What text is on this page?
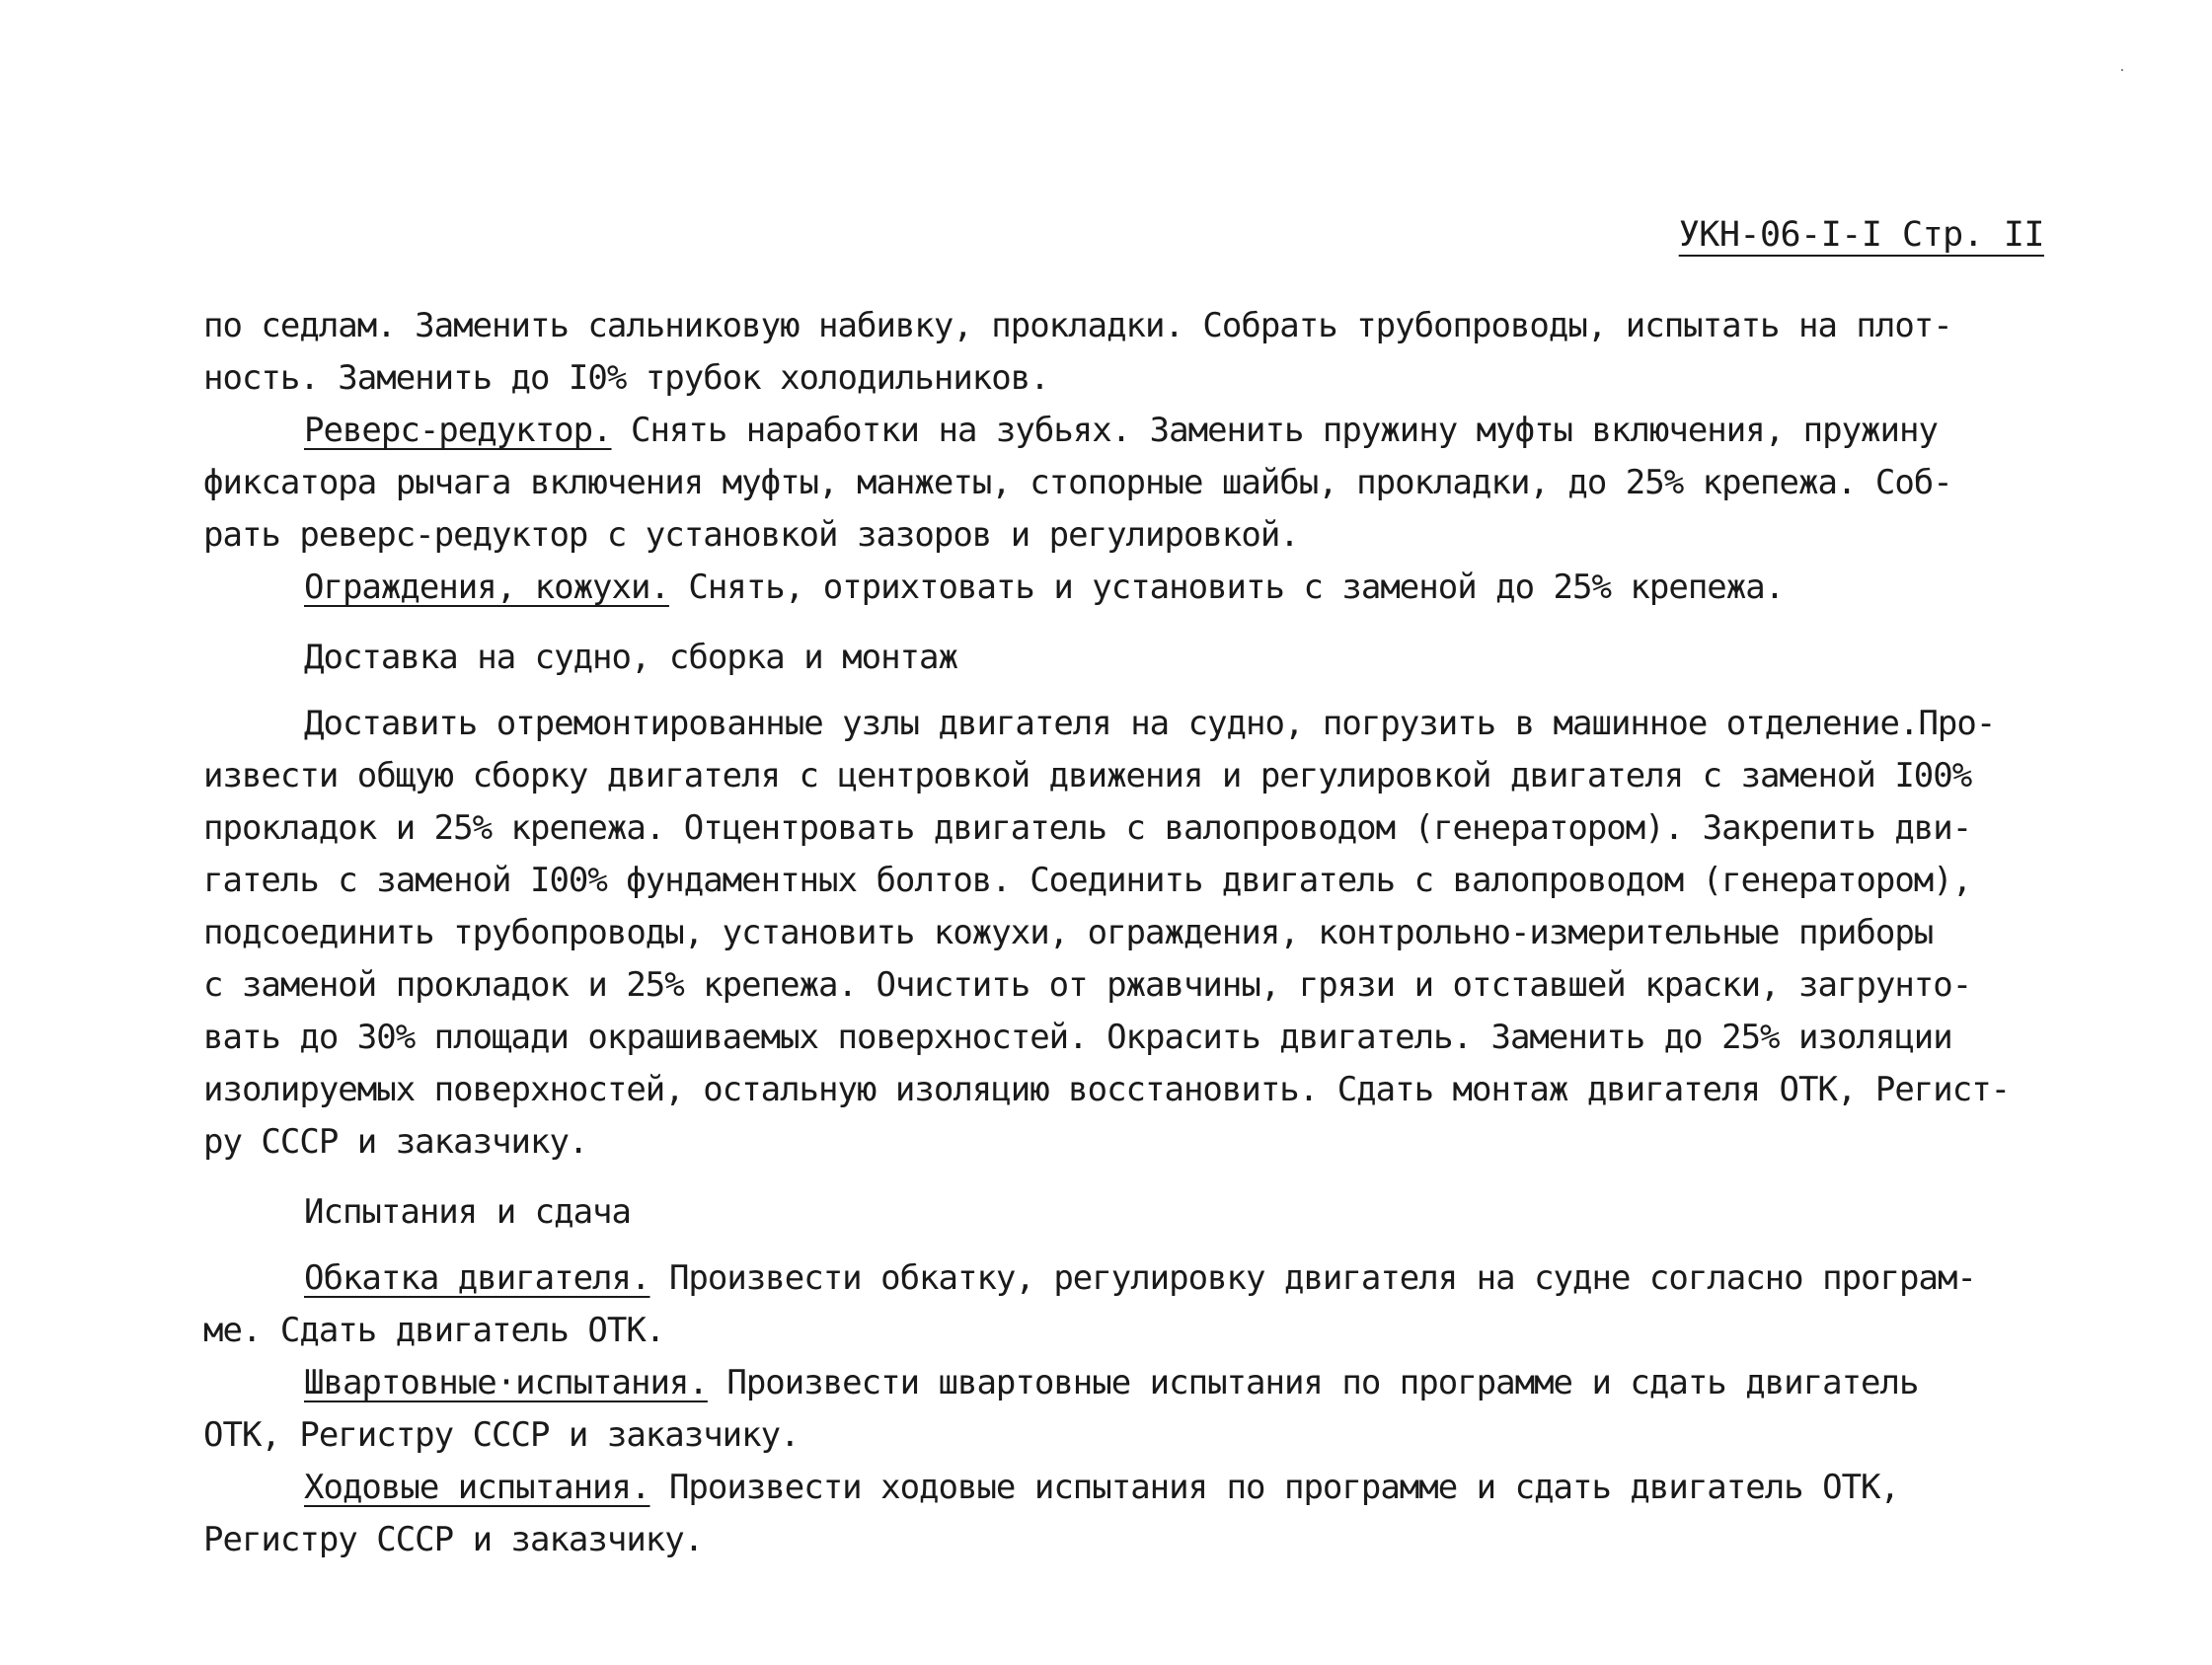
УКН-06-I-I Стр. II
по седлам. Заменить сальниковую набивку, прокладки. Собрать трубопроводы, испытать на плот-
ность. Заменить до I0% трубок холодильников.
Реверс-редуктор. Снять наработки на зубьях. Заменить пружину муфты включения, пружину
фиксатора рычага включения муфты, манжеты, стопорные шайбы, прокладки, до 25% крепежа. Соб-
рать реверс-редуктор с установкой зазоров и регулировкой.
Ограждения, кожухи. Снять, отрихтовать и установить с заменой до 25% крепежа.
Доставка на судно, сборка и монтаж
Доставить отремонтированные узлы двигателя на судно, погрузить в машинное отделение.Про-
извести общую сборку двигателя с центровкой движения и регулировкой двигателя с заменой I00%
прокладок и 25% крепежа. Отцентровать двигатель с валопроводом (генератором). Закрепить дви-
гатель с заменой I00% фундаментных болтов. Соединить двигатель с валопроводом (генератором),
подсоединить трубопроводы, установить кожухи, ограждения, контрольно-измерительные приборы
с заменой прокладок и 25% крепежа. Очистить от ржавчины, грязи и отставшей краски, загрунто-
вать до 30% площади окрашиваемых поверхностей. Окрасить двигатель. Заменить до 25% изоляции
изолируемых поверхностей, остальную изоляцию восстановить. Сдать монтаж двигателя ОТК, Регист-
ру СССР и заказчику.
Испытания и сдача
Обкатка двигателя. Произвести обкатку, регулировку двигателя на судне согласно програм-
ме. Сдать двигатель ОТК.
Швартовные·испытания. Произвести швартовные испытания по программе и сдать двигатель
ОТК, Регистру СССР и заказчику.
Ходовые испытания. Произвести ходовые испытания по программе и сдать двигатель ОТК,
Регистру СССР и заказчику.
